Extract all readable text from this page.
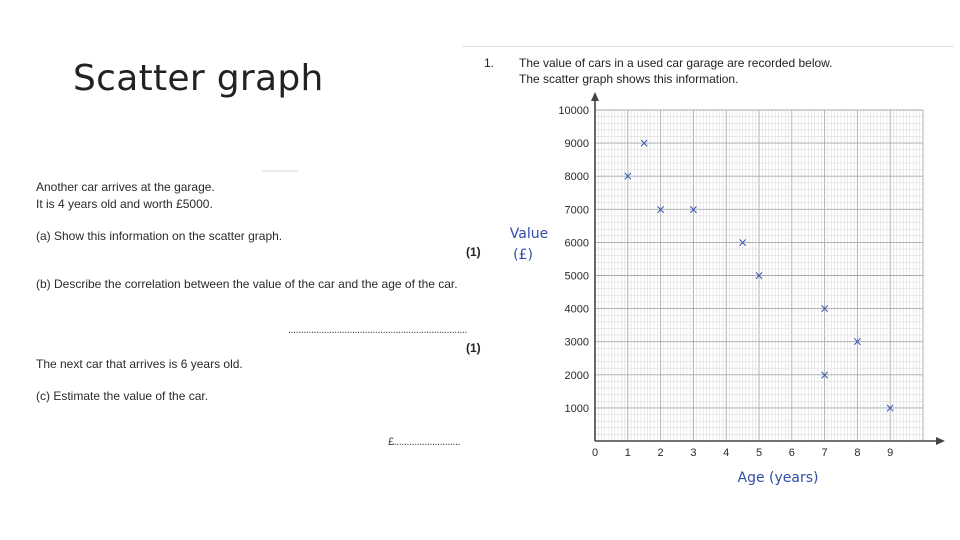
Scatter graph
Another car arrives at the garage.
It is 4 years old and worth £5000.
(a) Show this information on the scatter graph.
(1)
(b) Describe the correlation between the value of the car and the age of the car.
......................................................................
(1)
The next car that arrives is 6 years old.
(c) Estimate the value of the car.
£..........................
1. The value of cars in a used car garage are recorded below.
The scatter graph shows this information.
1000
2000
3000
4000
5000
6000
7000
8000
9000
10000
0 1 2 3 4 5 6 7 8 9
×
×
× ×
×
×
×
×
×
×
Value
(£)
Age (years)
